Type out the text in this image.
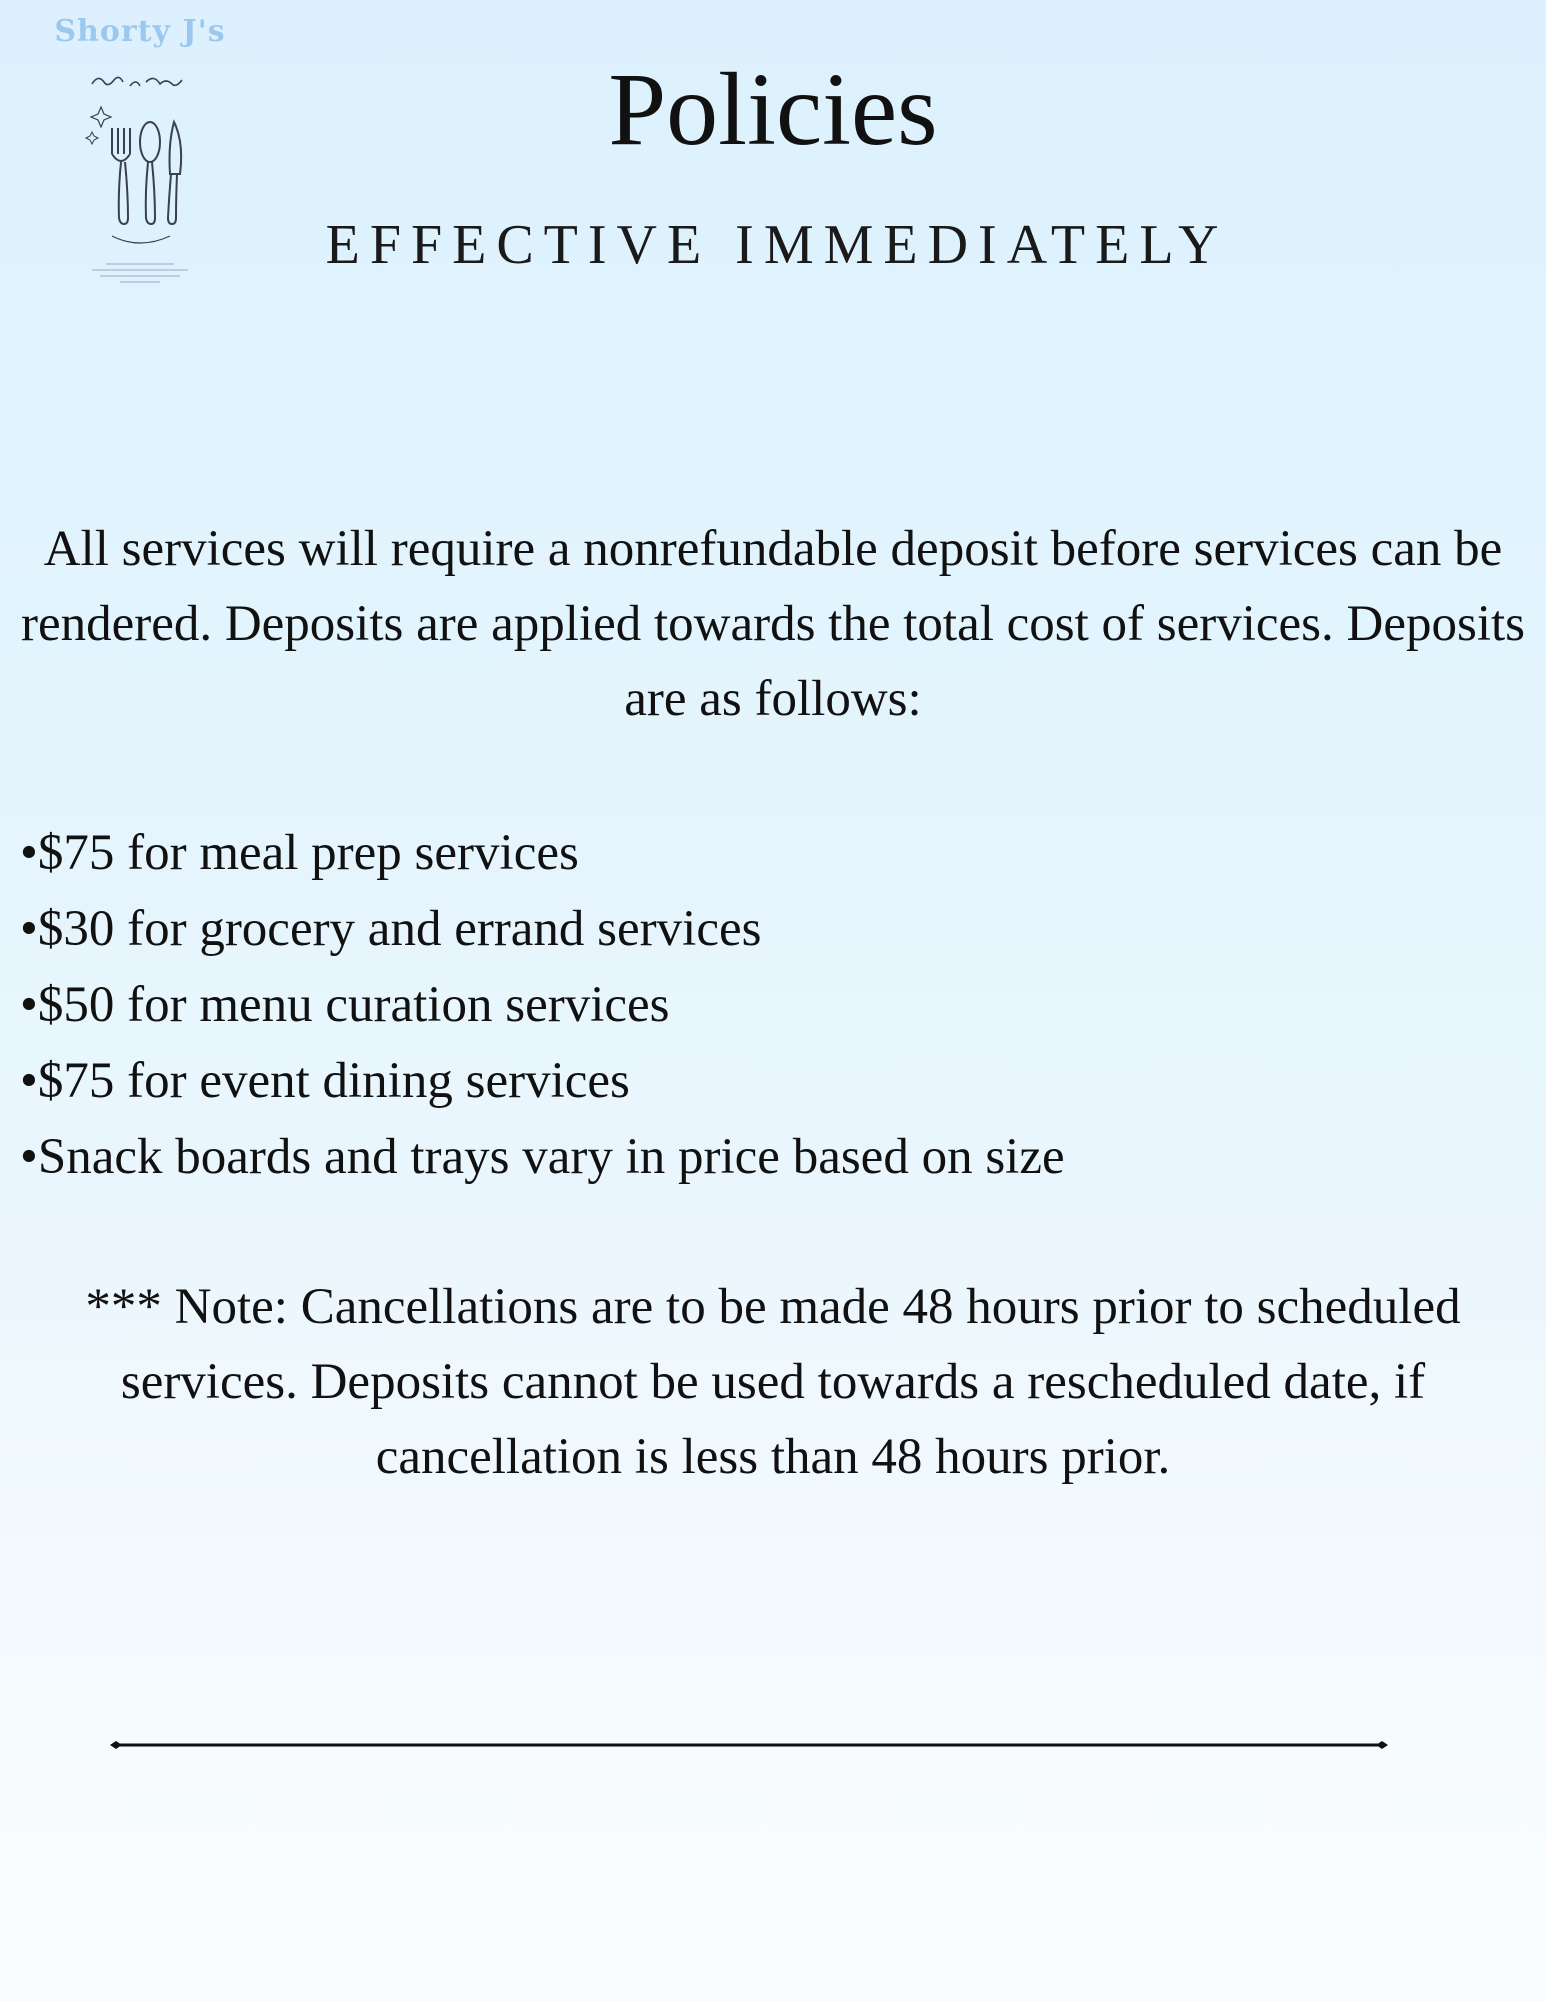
Shorty J's
Policies
EFFECTIVE IMMEDIATELY
All services will require a nonrefundable deposit before services can be rendered. Deposits are applied towards the total cost of services. Deposits are as follows:
•$75 for meal prep services
•$30 for grocery and errand services
•$50 for menu curation services
•$75 for event dining services
•Snack boards and trays vary in price based on size
*** Note: Cancellations are to be made 48 hours prior to scheduled services. Deposits cannot be used towards a rescheduled date, if cancellation is less than 48 hours prior.
